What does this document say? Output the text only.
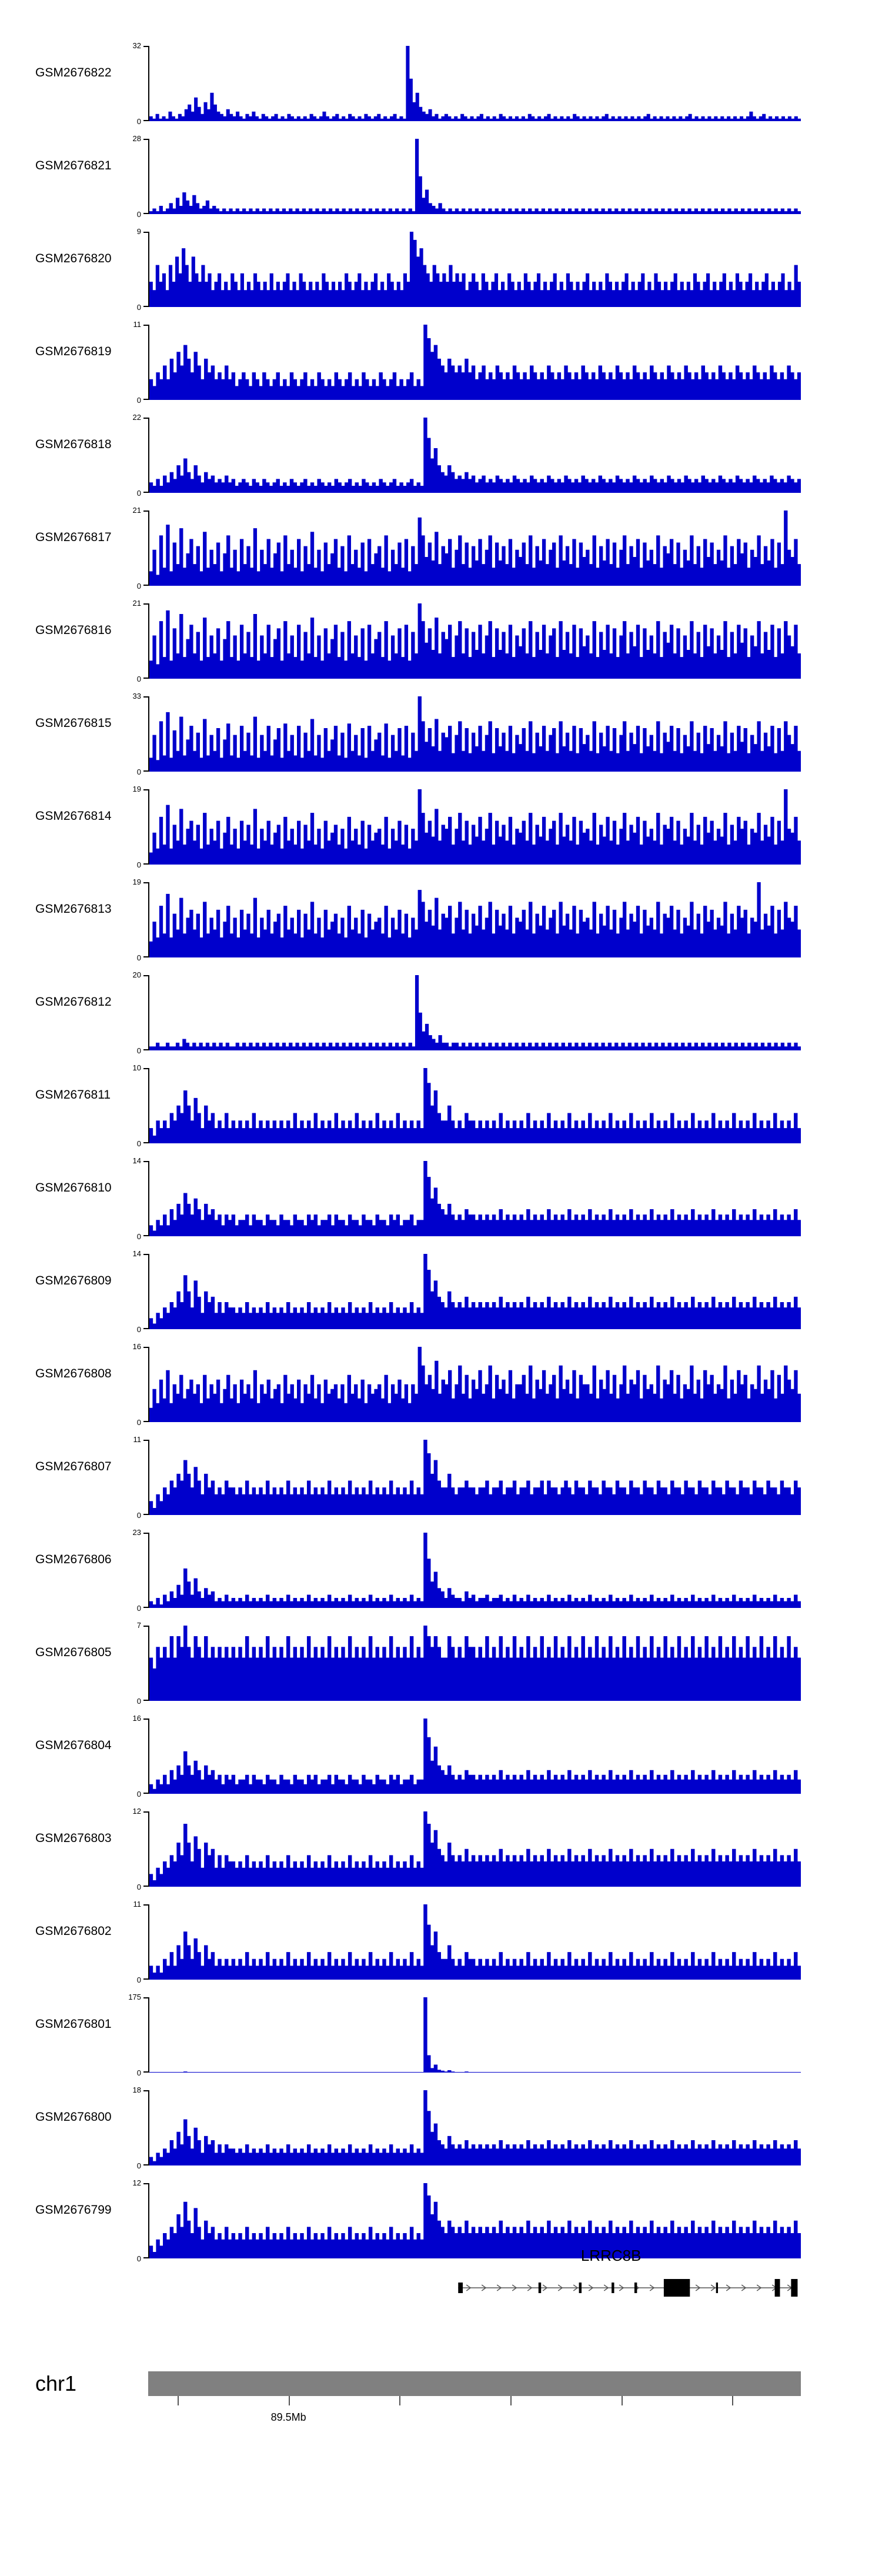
GSM2676822
32
0
GSM2676821
28
0
GSM2676820
9
0
GSM2676819
11
0
GSM2676818
22
0
GSM2676817
21
0
GSM2676816
21
0
GSM2676815
33
0
GSM2676814
19
0
GSM2676813
19
0
GSM2676812
20
0
GSM2676811
10
0
GSM2676810
14
0
GSM2676809
14
0
GSM2676808
16
0
GSM2676807
11
0
GSM2676806
23
0
GSM2676805
7
0
GSM2676804
16
0
GSM2676803
12
0
GSM2676802
11
0
GSM2676801
175
0
GSM2676800
18
0
GSM2676799
12
0	LRRC8B
chr1
89.5Mb
